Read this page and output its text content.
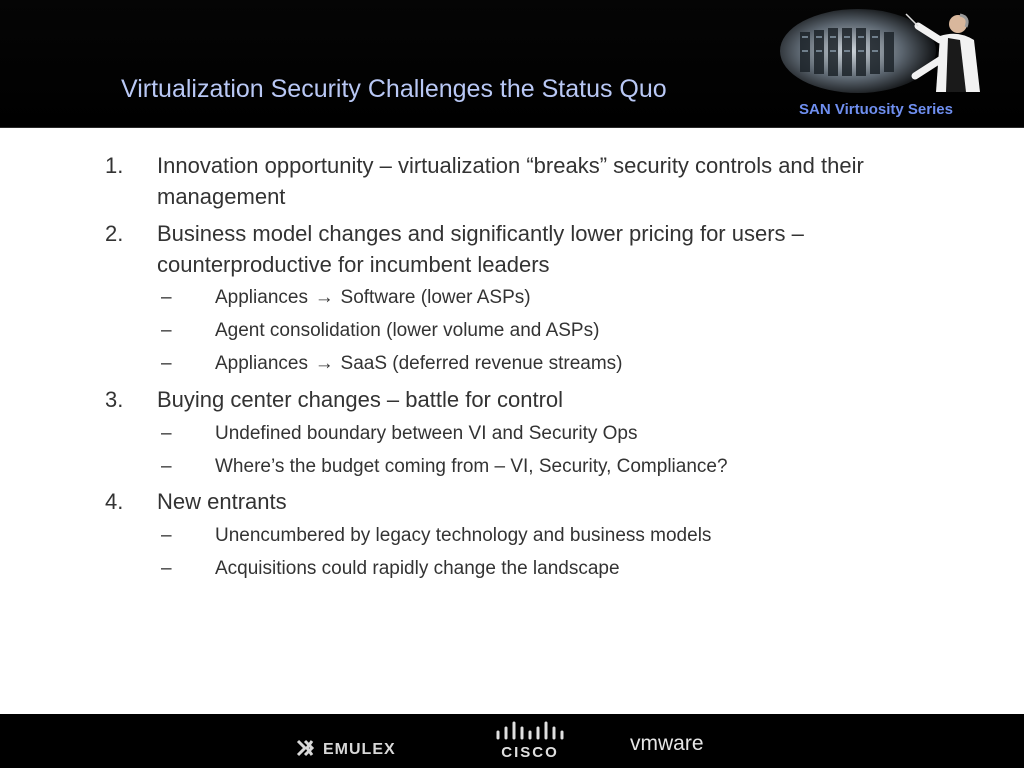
Virtualization Security Challenges the Status Quo
SAN Virtuosity Series
1. Innovation opportunity – virtualization “breaks” security controls and their management
2. Business model changes and significantly lower pricing for users – counterproductive for incumbent leaders
– Appliances → Software (lower ASPs)
– Agent consolidation (lower volume and ASPs)
– Appliances → SaaS (deferred revenue streams)
3. Buying center changes – battle for control
– Undefined boundary between VI and Security Ops
– Where’s the budget coming from – VI, Security, Compliance?
4. New entrants
– Unencumbered by legacy technology and business models
– Acquisitions could rapidly change the landscape
EMULEX	CISCO	vmware
